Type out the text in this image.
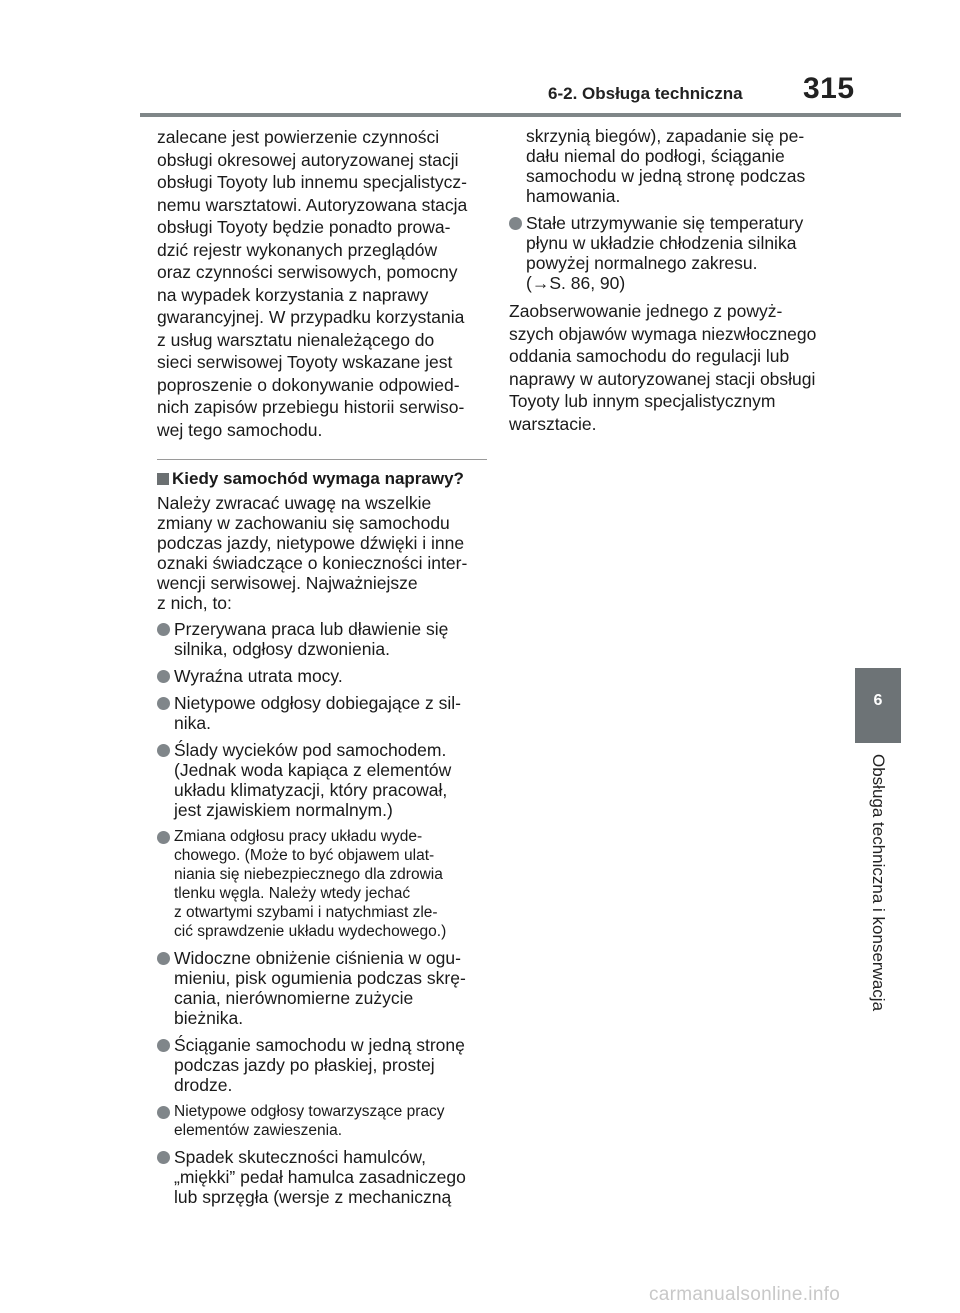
6-2. Obsługa techniczna 315
zalecane jest powierzenie czynności
obsługi okresowej autoryzowanej stacji
obsługi Toyoty lub innemu specjalistycz-
nemu warsztatowi. Autoryzowana stacja
obsługi Toyoty będzie ponadto prowa-
dzić rejestr wykonanych przeglądów
oraz czynności serwisowych, pomocny
na wypadek korzystania z naprawy
gwarancyjnej. W przypadku korzystania
z usług warsztatu nienależącego do
sieci serwisowej Toyoty wskazane jest
poproszenie o dokonywanie odpowied-
nich zapisów przebiegu historii serwiso-
wej tego samochodu.
Kiedy samochód wymaga naprawy?
Należy zwracać uwagę na wszelkie
zmiany w zachowaniu się samochodu
podczas jazdy, nietypowe dźwięki i inne
oznaki świadczące o konieczności inter-
wencji serwisowej. Najważniejsze
z nich, to:
Przerywana praca lub dławienie się
silnika, odgłosy dzwonienia.
Wyraźna utrata mocy.
Nietypowe odgłosy dobiegające z sil-
nika.
Ślady wycieków pod samochodem.
(Jednak woda kapiąca z elementów
układu klimatyzacji, który pracował,
jest zjawiskiem normalnym.)
Zmiana odgłosu pracy układu wyde-
chowego. (Może to być objawem ulat-
niania się niebezpiecznego dla zdrowia
tlenku węgla. Należy wtedy jechać
z otwartymi szybami i natychmiast zle-
cić sprawdzenie układu wydechowego.)
Widoczne obniżenie ciśnienia w ogu-
mieniu, pisk ogumienia podczas skrę-
cania, nierównomierne zużycie
bieżnika.
Ściąganie samochodu w jedną stronę
podczas jazdy po płaskiej, prostej
drodze.
Nietypowe odgłosy towarzyszące pracy
elementów zawieszenia.
Spadek skuteczności hamulców,
„miękki” pedał hamulca zasadniczego
lub sprzęgła (wersje z mechaniczną
skrzynią biegów), zapadanie się pe-
dału niemal do podłogi, ściąganie
samochodu w jedną stronę podczas
hamowania.
Stałe utrzymywanie się temperatury
płynu w układzie chłodzenia silnika
powyżej normalnego zakresu.
(→S. 86, 90)
Zaobserwowanie jednego z powyż-
szych objawów wymaga niezwłocznego
oddania samochodu do regulacji lub
naprawy w autoryzowanej stacji obsługi
Toyoty lub innym specjalistycznym
warsztacie.
6
Obsługa techniczna i konserwacja
carmanualsonline.info
